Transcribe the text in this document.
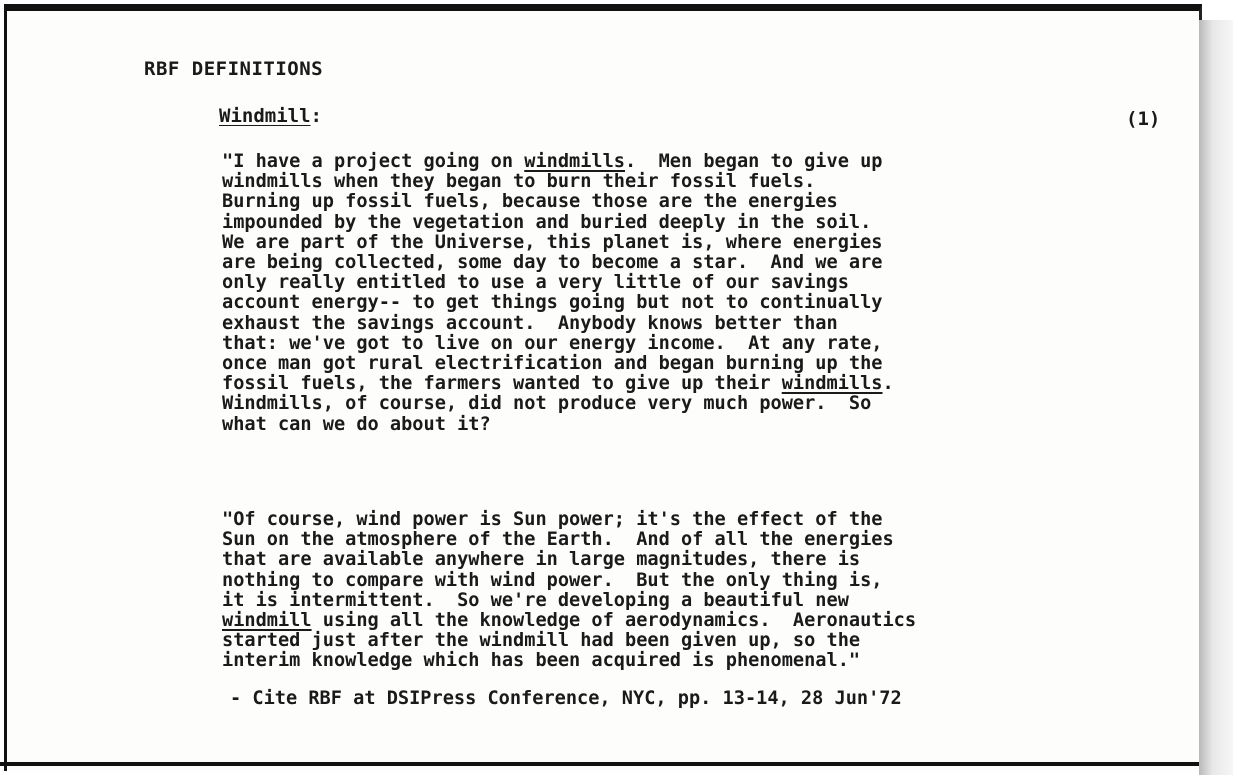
RBF DEFINITIONS
Windmill:	(1)
"I have a project going on windmills.  Men began to give up
windmills when they began to burn their fossil fuels.
Burning up fossil fuels, because those are the energies
impounded by the vegetation and buried deeply in the soil.
We are part of the Universe, this planet is, where energies
are being collected, some day to become a star.  And we are
only really entitled to use a very little of our savings
account energy-- to get things going but not to continually
exhaust the savings account.  Anybody knows better than
that: we've got to live on our energy income.  At any rate,
once man got rural electrification and began burning up the
fossil fuels, the farmers wanted to give up their windmills.
Windmills, of course, did not produce very much power.  So
what can we do about it?
"Of course, wind power is Sun power; it's the effect of the
Sun on the atmosphere of the Earth.  And of all the energies
that are available anywhere in large magnitudes, there is
nothing to compare with wind power.  But the only thing is,
it is intermittent.  So we're developing a beautiful new
windmill using all the knowledge of aerodynamics.  Aeronautics
started just after the windmill had been given up, so the
interim knowledge which has been acquired is phenomenal."
- Cite RBF at DSIPress Conference, NYC, pp. 13-14, 28 Jun'72
